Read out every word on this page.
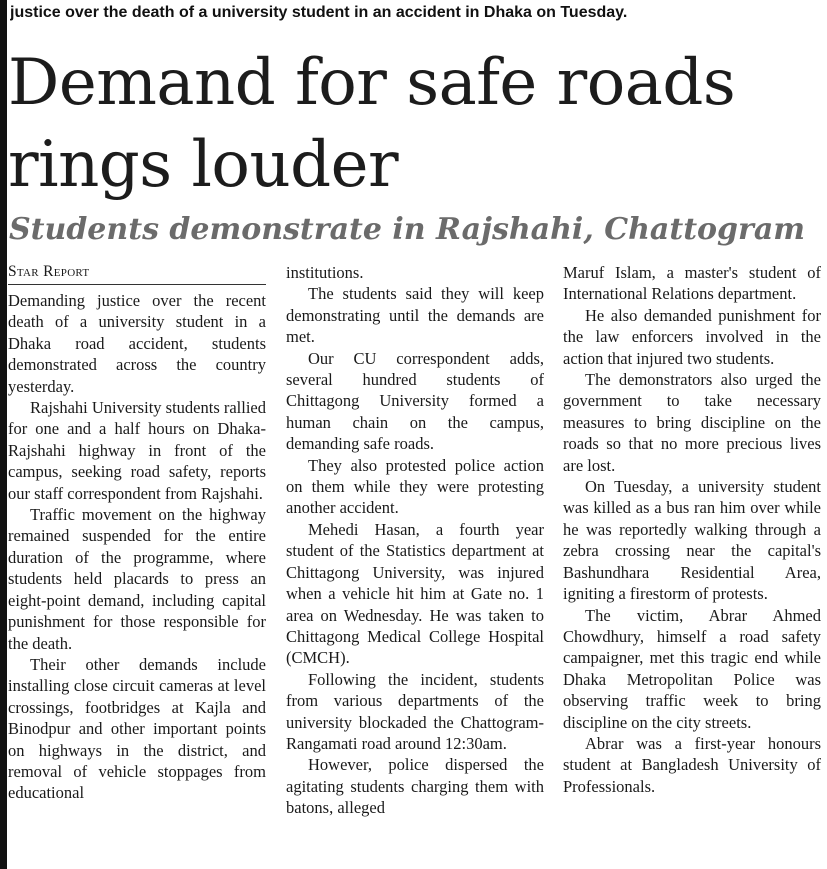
justice over the death of a university student in an accident in Dhaka on Tuesday.
Demand for safe roads rings louder
Students demonstrate in Rajshahi, Chattogram
Star Report

Demanding justice over the recent death of a university student in a Dhaka road accident, students demonstrated across the country yesterday.

Rajshahi University students rallied for one and a half hours on Dhaka-Rajshahi highway in front of the campus, seeking road safety, reports our staff correspondent from Rajshahi.

Traffic movement on the highway remained suspended for the entire duration of the programme, where students held placards to press an eight-point demand, including capital punishment for those responsible for the death.

Their other demands include installing close circuit cameras at level crossings, footbridges at Kajla and Binodpur and other important points on highways in the district, and removal of vehicle stoppages from educational

institutions.

The students said they will keep demonstrating until the demands are met.

Our CU correspondent adds, several hundred students of Chittagong University formed a human chain on the campus, demanding safe roads.

They also protested police action on them while they were protesting another accident.

Mehedi Hasan, a fourth year student of the Statistics department at Chittagong University, was injured when a vehicle hit him at Gate no. 1 area on Wednesday. He was taken to Chittagong Medical College Hospital (CMCH).

Following the incident, students from various departments of the university blockaded the Chattogram-Rangamati road around 12:30am.

However, police dispersed the agitating students charging them with batons, alleged

Maruf Islam, a master's student of International Relations department.

He also demanded punishment for the law enforcers involved in the action that injured two students.

The demonstrators also urged the government to take necessary measures to bring discipline on the roads so that no more precious lives are lost.

On Tuesday, a university student was killed as a bus ran him over while he was reportedly walking through a zebra crossing near the capital's Bashundhara Residential Area, igniting a firestorm of protests.

The victim, Abrar Ahmed Chowdhury, himself a road safety campaigner, met this tragic end while Dhaka Metropolitan Police was observing traffic week to bring discipline on the city streets.

Abrar was a first-year honours student at Bangladesh University of Professionals.
